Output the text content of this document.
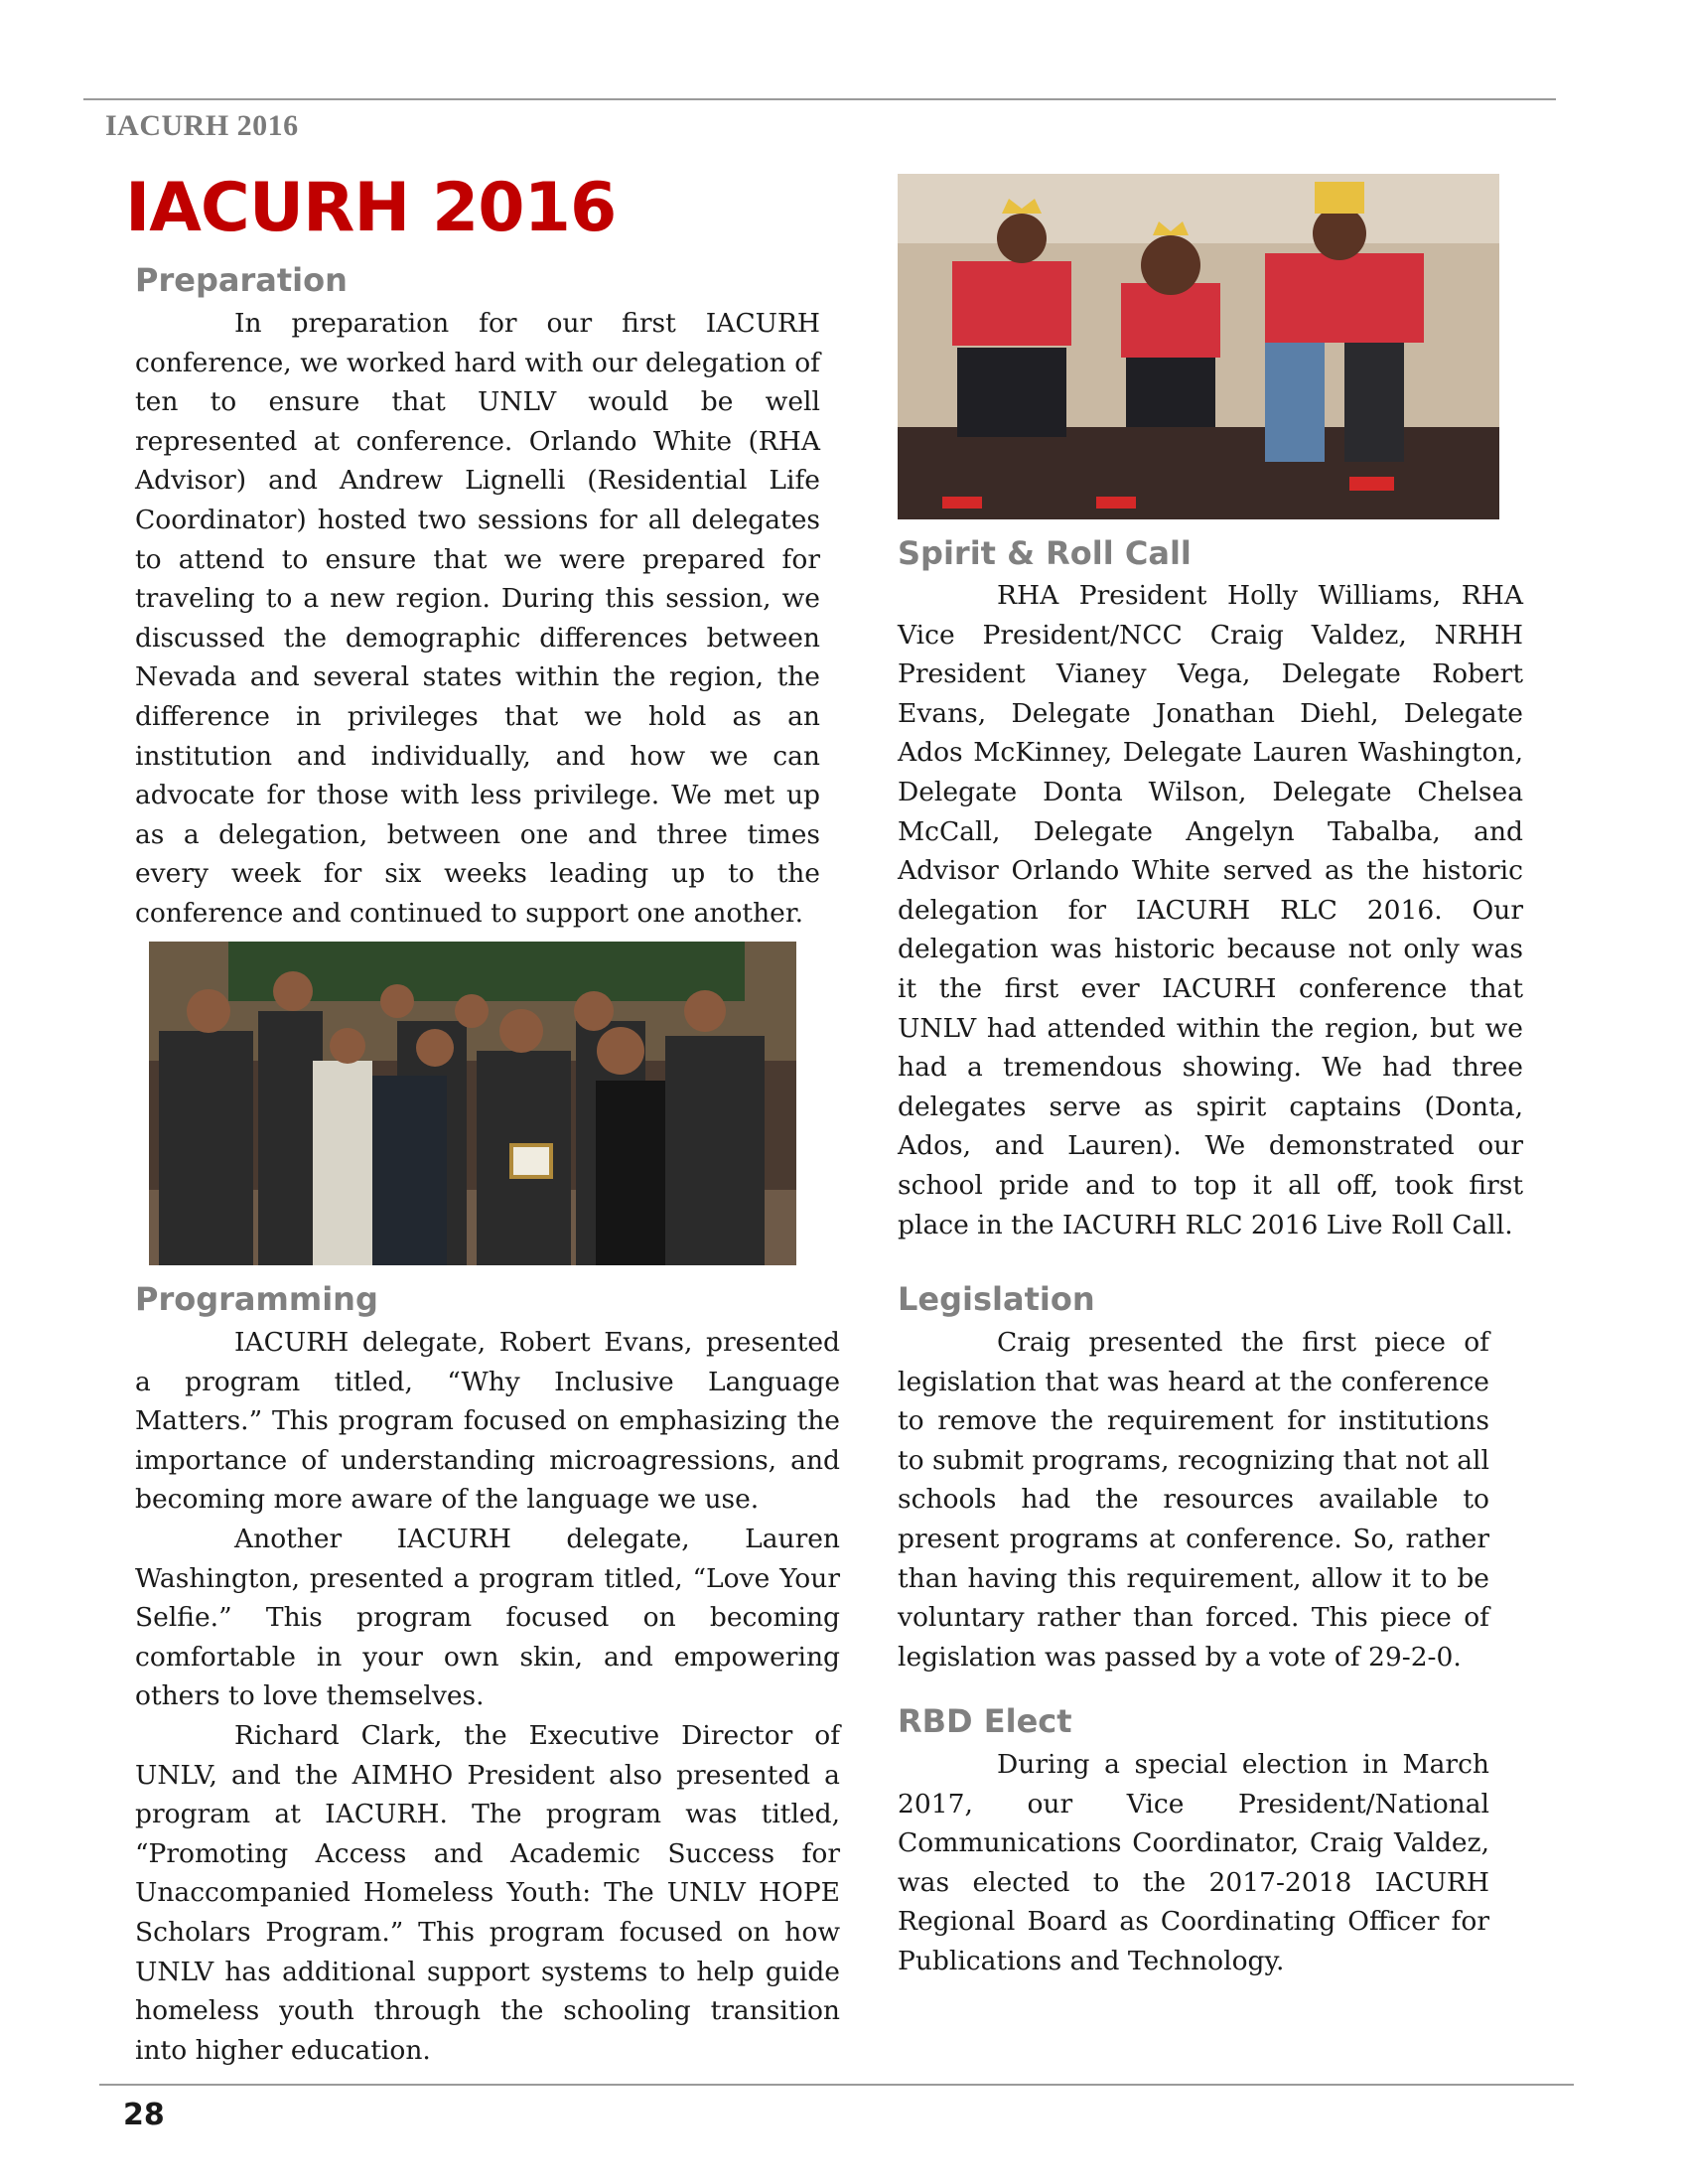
IACURH 2016
IACURH 2016
Preparation

In preparation for our first IACURH conference, we worked hard with our delegation of ten to ensure that UNLV would be well represented at conference. Orlando White (RHA Advisor) and Andrew Lignelli (Residential Life Coordinator) hosted two sessions for all delegates to attend to ensure that we were prepared for traveling to a new region. During this session, we discussed the demographic differences between Nevada and several states within the region, the difference in privileges that we hold as an institution and individually, and how we can advocate for those with less privilege. We met up as a delegation, between one and three times every week for six weeks leading up to the conference and continued to support one another.

Programming

IACURH delegate, Robert Evans, presented a program titled, “Why Inclusive Language Matters.” This program focused on emphasizing the importance of understanding microagressions, and becoming more aware of the language we use.

Another IACURH delegate, Lauren Washington, presented a program titled, “Love Your Selfie.” This program focused on becoming comfortable in your own skin, and empowering others to love themselves.

Richard Clark, the Executive Director of UNLV, and the AIMHO President also presented a program at IACURH. The program was titled, “Promoting Access and Academic Success for Unaccompanied Homeless Youth: The UNLV HOPE Scholars Program.” This program focused on how UNLV has additional support systems to help guide homeless youth through the schooling transition into higher education.

Spirit & Roll Call

RHA President Holly Williams, RHA Vice President/NCC Craig Valdez, NRHH President Vianey Vega, Delegate Robert Evans, Delegate Jonathan Diehl, Delegate Ados McKinney, Delegate Lauren Washington, Delegate Donta Wilson, Delegate Chelsea McCall, Delegate Angelyn Tabalba, and Advisor Orlando White served as the historic delegation for IACURH RLC 2016. Our delegation was historic because not only was it the first ever IACURH conference that UNLV had attended within the region, but we had a tremendous showing. We had three delegates serve as spirit captains (Donta, Ados, and Lauren). We demonstrated our school pride and to top it all off, took first place in the IACURH RLC 2016 Live Roll Call.

Legislation

Craig presented the first piece of legislation that was heard at the conference to remove the requirement for institutions to submit programs, recognizing that not all schools had the resources available to present programs at conference. So, rather than having this requirement, allow it to be voluntary rather than forced. This piece of legislation was passed by a vote of 29-2-0.

RBD Elect

During a special election in March 2017, our Vice President/National Communications Coordinator, Craig Valdez, was elected to the 2017-2018 IACURH Regional Board as Coordinating Officer for Publications and Technology.

28
